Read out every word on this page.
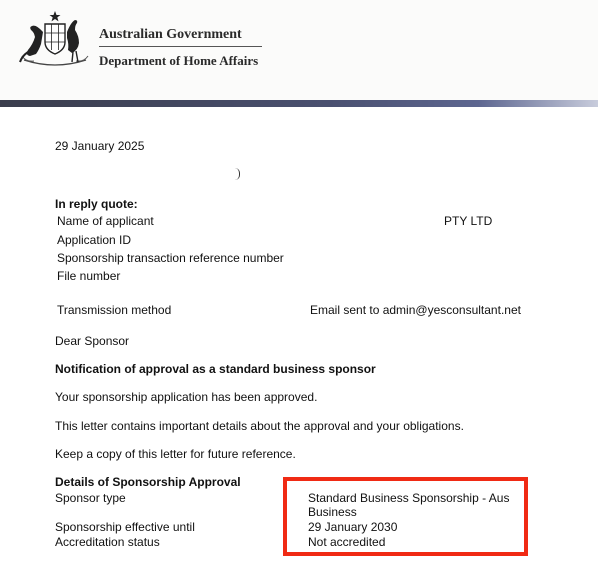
Australian Government
Department of Home Affairs
29 January 2025
In reply quote:
Name of applicant	PTY LTD
Application ID
Sponsorship transaction reference number
File number
Transmission method	Email sent to admin@yesconsultant.net
Dear Sponsor
Notification of approval as a standard business sponsor
Your sponsorship application has been approved.
This letter contains important details about the approval and your obligations.
Keep a copy of this letter for future reference.
Details of Sponsorship Approval
Sponsor type	Standard Business Sponsorship - Aus
Business
Sponsorship effective until	29 January 2030
Accreditation status	Not accredited
